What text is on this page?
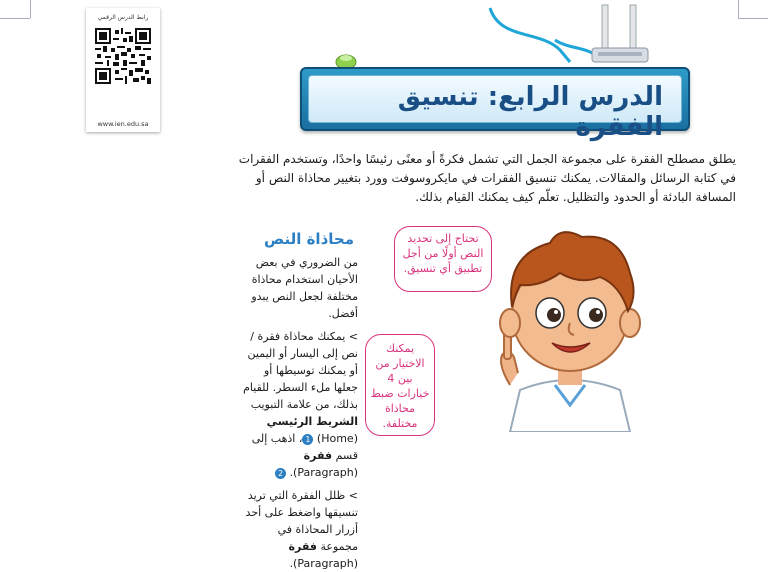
رابط الدرس الرقمي
www.ien.edu.sa
الدرس الرابع: تنسيق الفقرة
يطلق مصطلح الفقرة على مجموعة الجمل التي تشمل فكرةً أو معنًى رئيسًا واحدًا، وتستخدم الفقرات في كتابة الرسائل والمقالات. يمكنك تنسيق الفقرات في مايكروسوفت وورد بتغيير محاذاة النص أو المسافة البادئة أو الحدود والتظليل. تعلّم كيف يمكنك القيام بذلك.
محاذاة النص
من الضروري في بعض الأحيان استخدام محاذاة مختلفة لجعل النص يبدو أفضل.
> يمكنك محاذاة فقرة / نص إلى اليسار أو اليمين أو يمكنك توسيطها أو جعلها ملء السطر. للقيام بذلك، من علامة التبويب الشريط الرئيسي (Home) 1، اذهب إلى قسم فقرة (Paragraph). 2
> ظلل الفقرة التي تريد تنسيقها واضغط على أحد أزرار المحاذاة في مجموعة فقرة (Paragraph).
تحتاج إلى تحديد النص أولًا من أجل تطبيق أي تنسيق.
يمكنك الاختيار من بين 4 خيارات ضبط محاذاة مختلفة.
